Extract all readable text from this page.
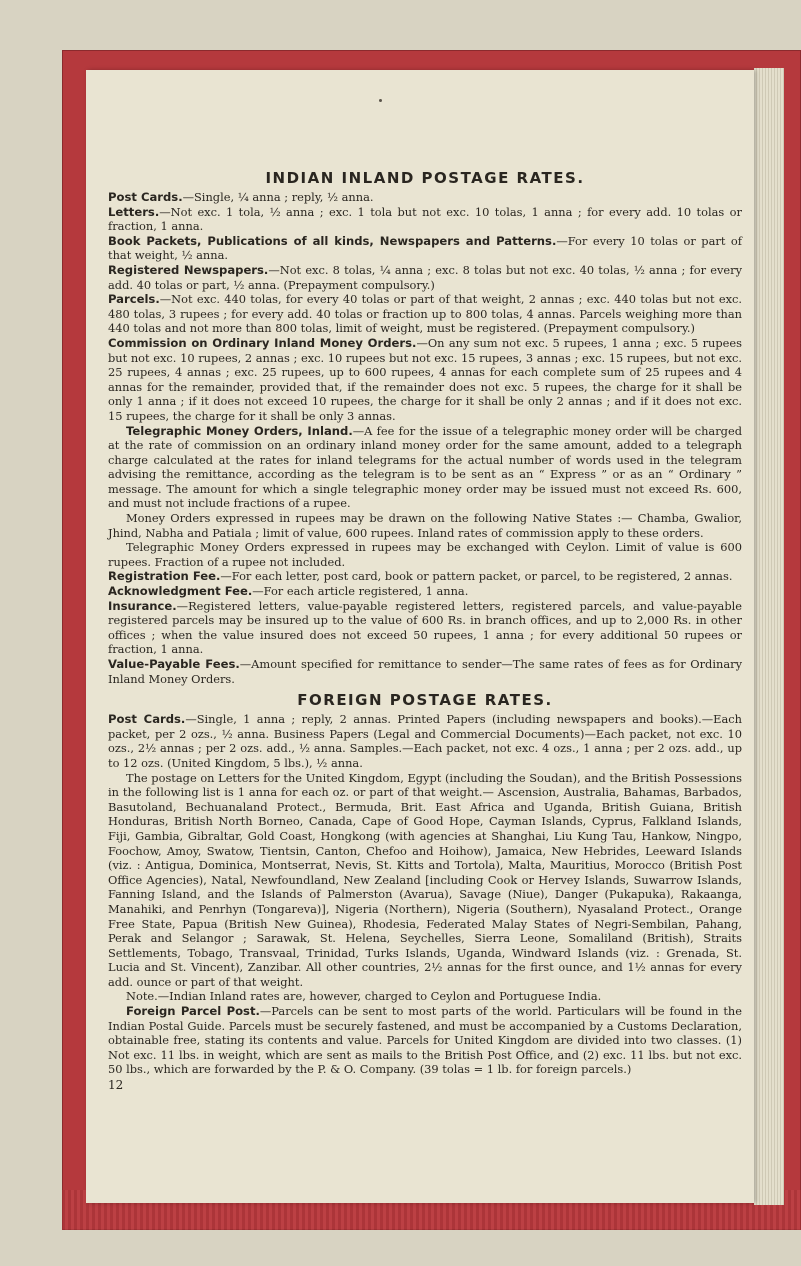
INDIAN INLAND POSTAGE RATES.

Post Cards.—Single, ¼ anna ; reply, ½ anna.

Letters.—Not exc. 1 tola, ½ anna ; exc. 1 tola but not exc. 10 tolas, 1 anna ; for every add. 10 tolas or fraction, 1 anna.

Book Packets, Publications of all kinds, Newspapers and Patterns.—For every 10 tolas or part of that weight, ½ anna.

Registered Newspapers.—Not exc. 8 tolas, ¼ anna ; exc. 8 tolas but not exc. 40 tolas, ½ anna ; for every add. 40 tolas or part, ½ anna. (Prepayment compulsory.)

Parcels.—Not exc. 440 tolas, for every 40 tolas or part of that weight, 2 annas ; exc. 440 tolas but not exc. 480 tolas, 3 rupees ; for every add. 40 tolas or fraction up to 800 tolas, 4 annas. Parcels weighing more than 440 tolas and not more than 800 tolas, limit of weight, must be registered. (Prepayment compulsory.)

Commission on Ordinary Inland Money Orders.—On any sum not exc. 5 rupees, 1 anna ; exc. 5 rupees but not exc. 10 rupees, 2 annas ; exc. 10 rupees but not exc. 15 rupees, 3 annas ; exc. 15 rupees, but not exc. 25 rupees, 4 annas ; exc. 25 rupees, up to 600 rupees, 4 annas for each complete sum of 25 rupees and 4 annas for the remainder, provided that, if the remainder does not exc. 5 rupees, the charge for it shall be only 1 anna ; if it does not exceed 10 rupees, the charge for it shall be only 2 annas ; and if it does not exc. 15 rupees, the charge for it shall be only 3 annas.

Telegraphic Money Orders, Inland.—A fee for the issue of a telegraphic money order will be charged at the rate of commission on an ordinary inland money order for the same amount, added to a telegraph charge calculated at the rates for inland telegrams for the actual number of words used in the telegram advising the remittance, according as the telegram is to be sent as an “ Express ” or as an “ Ordinary ” message. The amount for which a single telegraphic money order may be issued must not exceed Rs. 600, and must not include fractions of a rupee.

Money Orders expressed in rupees may be drawn on the following Native States :— Chamba, Gwalior, Jhind, Nabha and Patiala ; limit of value, 600 rupees. Inland rates of commission apply to these orders.

Telegraphic Money Orders expressed in rupees may be exchanged with Ceylon. Limit of value is 600 rupees. Fraction of a rupee not included.

Registration Fee.—For each letter, post card, book or pattern packet, or parcel, to be registered, 2 annas.

Acknowledgment Fee.—For each article registered, 1 anna.

Insurance.—Registered letters, value-payable registered letters, registered parcels, and value-payable registered parcels may be insured up to the value of 600 Rs. in branch offices, and up to 2,000 Rs. in other offices ; when the value insured does not exceed 50 rupees, 1 anna ; for every additional 50 rupees or fraction, 1 anna.

Value-Payable Fees.—Amount specified for remittance to sender—The same rates of fees as for Ordinary Inland Money Orders.

FOREIGN POSTAGE RATES.

Post Cards.—Single, 1 anna ; reply, 2 annas. Printed Papers (including newspapers and books).—Each packet, per 2 ozs., ½ anna. Business Papers (Legal and Commercial Documents)—Each packet, not exc. 10 ozs., 2½ annas ; per 2 ozs. add., ½ anna. Samples.—Each packet, not exc. 4 ozs., 1 anna ; per 2 ozs. add., up to 12 ozs. (United Kingdom, 5 lbs.), ½ anna.

The postage on Letters for the United Kingdom, Egypt (including the Soudan), and the British Possessions in the following list is 1 anna for each oz. or part of that weight.— Ascension, Australia, Bahamas, Barbados, Basutoland, Bechuanaland Protect., Bermuda, Brit. East Africa and Uganda, British Guiana, British Honduras, British North Borneo, Canada, Cape of Good Hope, Cayman Islands, Cyprus, Falkland Islands, Fiji, Gambia, Gibraltar, Gold Coast, Hongkong (with agencies at Shanghai, Liu Kung Tau, Hankow, Ningpo, Foochow, Amoy, Swatow, Tientsin, Canton, Chefoo and Hoihow), Jamaica, New Hebrides, Leeward Islands (viz. : Antigua, Dominica, Montserrat, Nevis, St. Kitts and Tortola), Malta, Mauritius, Morocco (British Post Office Agencies), Natal, Newfoundland, New Zealand [including Cook or Hervey Islands, Suwarrow Islands, Fanning Island, and the Islands of Palmerston (Avarua), Savage (Niue), Danger (Pukapuka), Rakaanga, Manahiki, and Penrhyn (Tongareva)], Nigeria (Northern), Nigeria (Southern), Nyasaland Protect., Orange Free State, Papua (British New Guinea), Rhodesia, Federated Malay States of Negri-Sembilan, Pahang, Perak and Selangor ; Sarawak, St. Helena, Seychelles, Sierra Leone, Somaliland (British), Straits Settlements, Tobago, Transvaal, Trinidad, Turks Islands, Uganda, Windward Islands (viz. : Grenada, St. Lucia and St. Vincent), Zanzibar. All other countries, 2½ annas for the first ounce, and 1½ annas for every add. ounce or part of that weight.

Note.—Indian Inland rates are, however, charged to Ceylon and Portuguese India.

Foreign Parcel Post.—Parcels can be sent to most parts of the world. Particulars will be found in the Indian Postal Guide. Parcels must be securely fastened, and must be accompanied by a Customs Declaration, obtainable free, stating its contents and value. Parcels for United Kingdom are divided into two classes. (1) Not exc. 11 lbs. in weight, which are sent as mails to the British Post Office, and (2) exc. 11 lbs. but not exc. 50 lbs., which are forwarded by the P. & O. Company. (39 tolas = 1 lb. for foreign parcels.)

12
